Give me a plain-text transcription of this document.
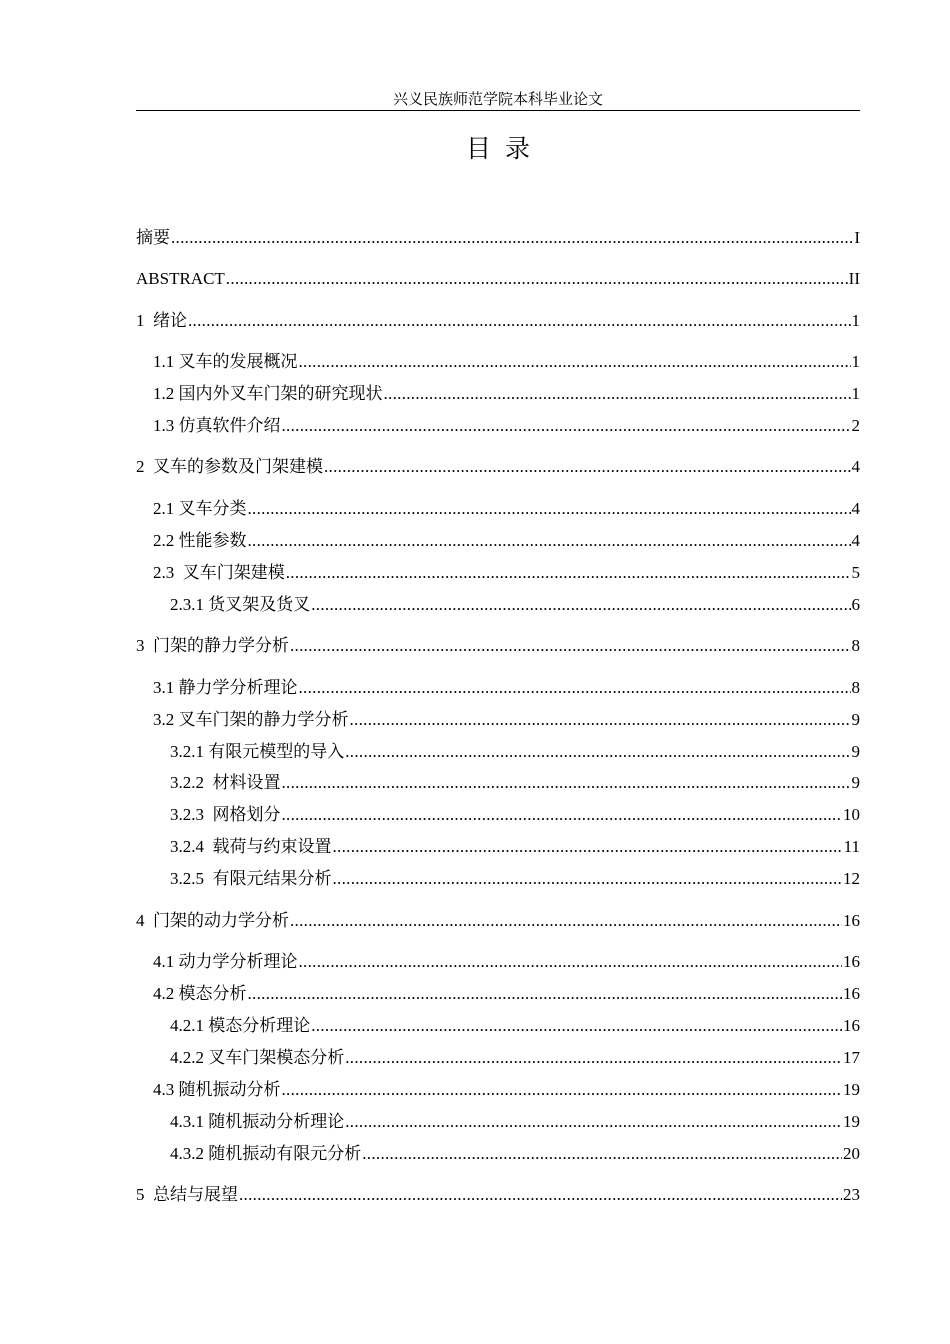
兴义民族师范学院本科毕业论文
目录
摘要 .....	I
ABSTRACT .....	II
1 绪论 .....	1
1.1 叉车的发展概况 .....	1
1.2 国内外叉车门架的研究现状 .....	1
1.3 仿真软件介绍 .....	2
2 叉车的参数及门架建模 .....	4
2.1 叉车分类 .....	4
2.2 性能参数 .....	4
2.3 叉车门架建模 .....	5
2.3.1 货叉架及货叉 .....	6
3 门架的静力学分析 .....	8
3.1 静力学分析理论 .....	8
3.2 叉车门架的静力学分析 .....	9
3.2.1 有限元模型的导入 .....	9
3.2.2 材料设置 .....	9
3.2.3 网格划分 .....	10
3.2.4 载荷与约束设置 .....	11
3.2.5 有限元结果分析 .....	12
4 门架的动力学分析 .....	16
4.1 动力学分析理论 .....	16
4.2 模态分析 .....	16
4.2.1 模态分析理论 .....	16
4.2.2 叉车门架模态分析 .....	17
4.3 随机振动分析 .....	19
4.3.1 随机振动分析理论 .....	19
4.3.2 随机振动有限元分析 .....	20
5 总结与展望 .....	23
